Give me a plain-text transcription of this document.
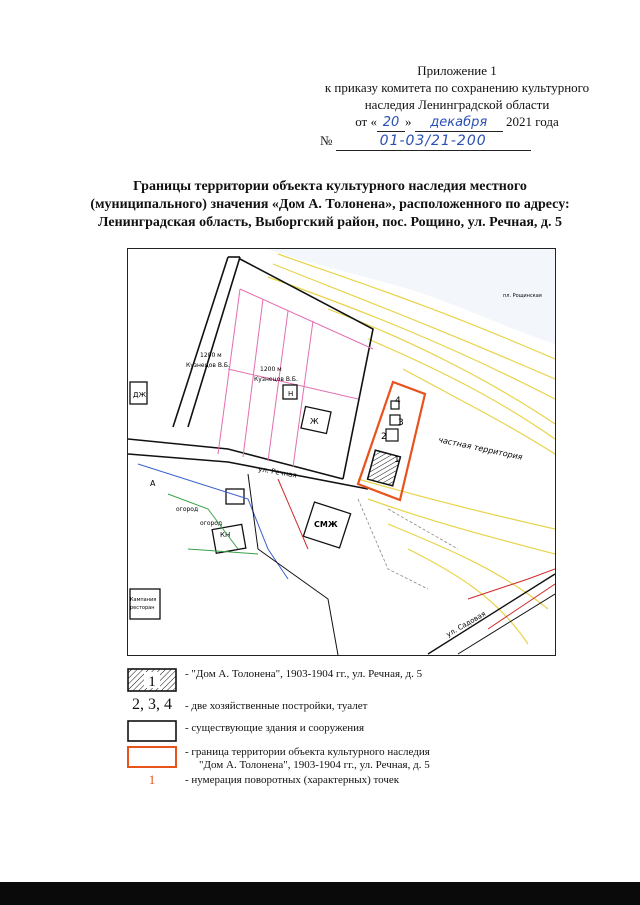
Приложение 1
к приказу комитета по сохранению культурного
наследия Ленинградской области
от « 20 » декабря 2021 года
№	01-03/21-200
Границы территории объекта культурного наследия местного
(муниципального) значения «Дом А. Толонена», расположенного по адресу:
Ленинградская область, Выборгский район, пос. Рощино, ул. Речная, д. 5
1
2
3
4
ДЖ
А
СМЖ
КН
Ж
Н
1200 м
1200 м
Кузнецов В.Б.
Кузнецов В.Б.
огород
огород
Кампания
ресторан
ул. Речная
пл. Рощинская
частная территория
ул. Садовая
1	- "Дом А. Толонена", 1903-1904 гг., ул. Речная, д. 5
2, 3, 4	- две хозяйственные постройки, туалет
- существующие здания и сооружения
- граница территории объекта культурного наследия
"Дом А. Толонена", 1903-1904 гг., ул. Речная, д. 5
1	- нумерация поворотных (характерных) точек
